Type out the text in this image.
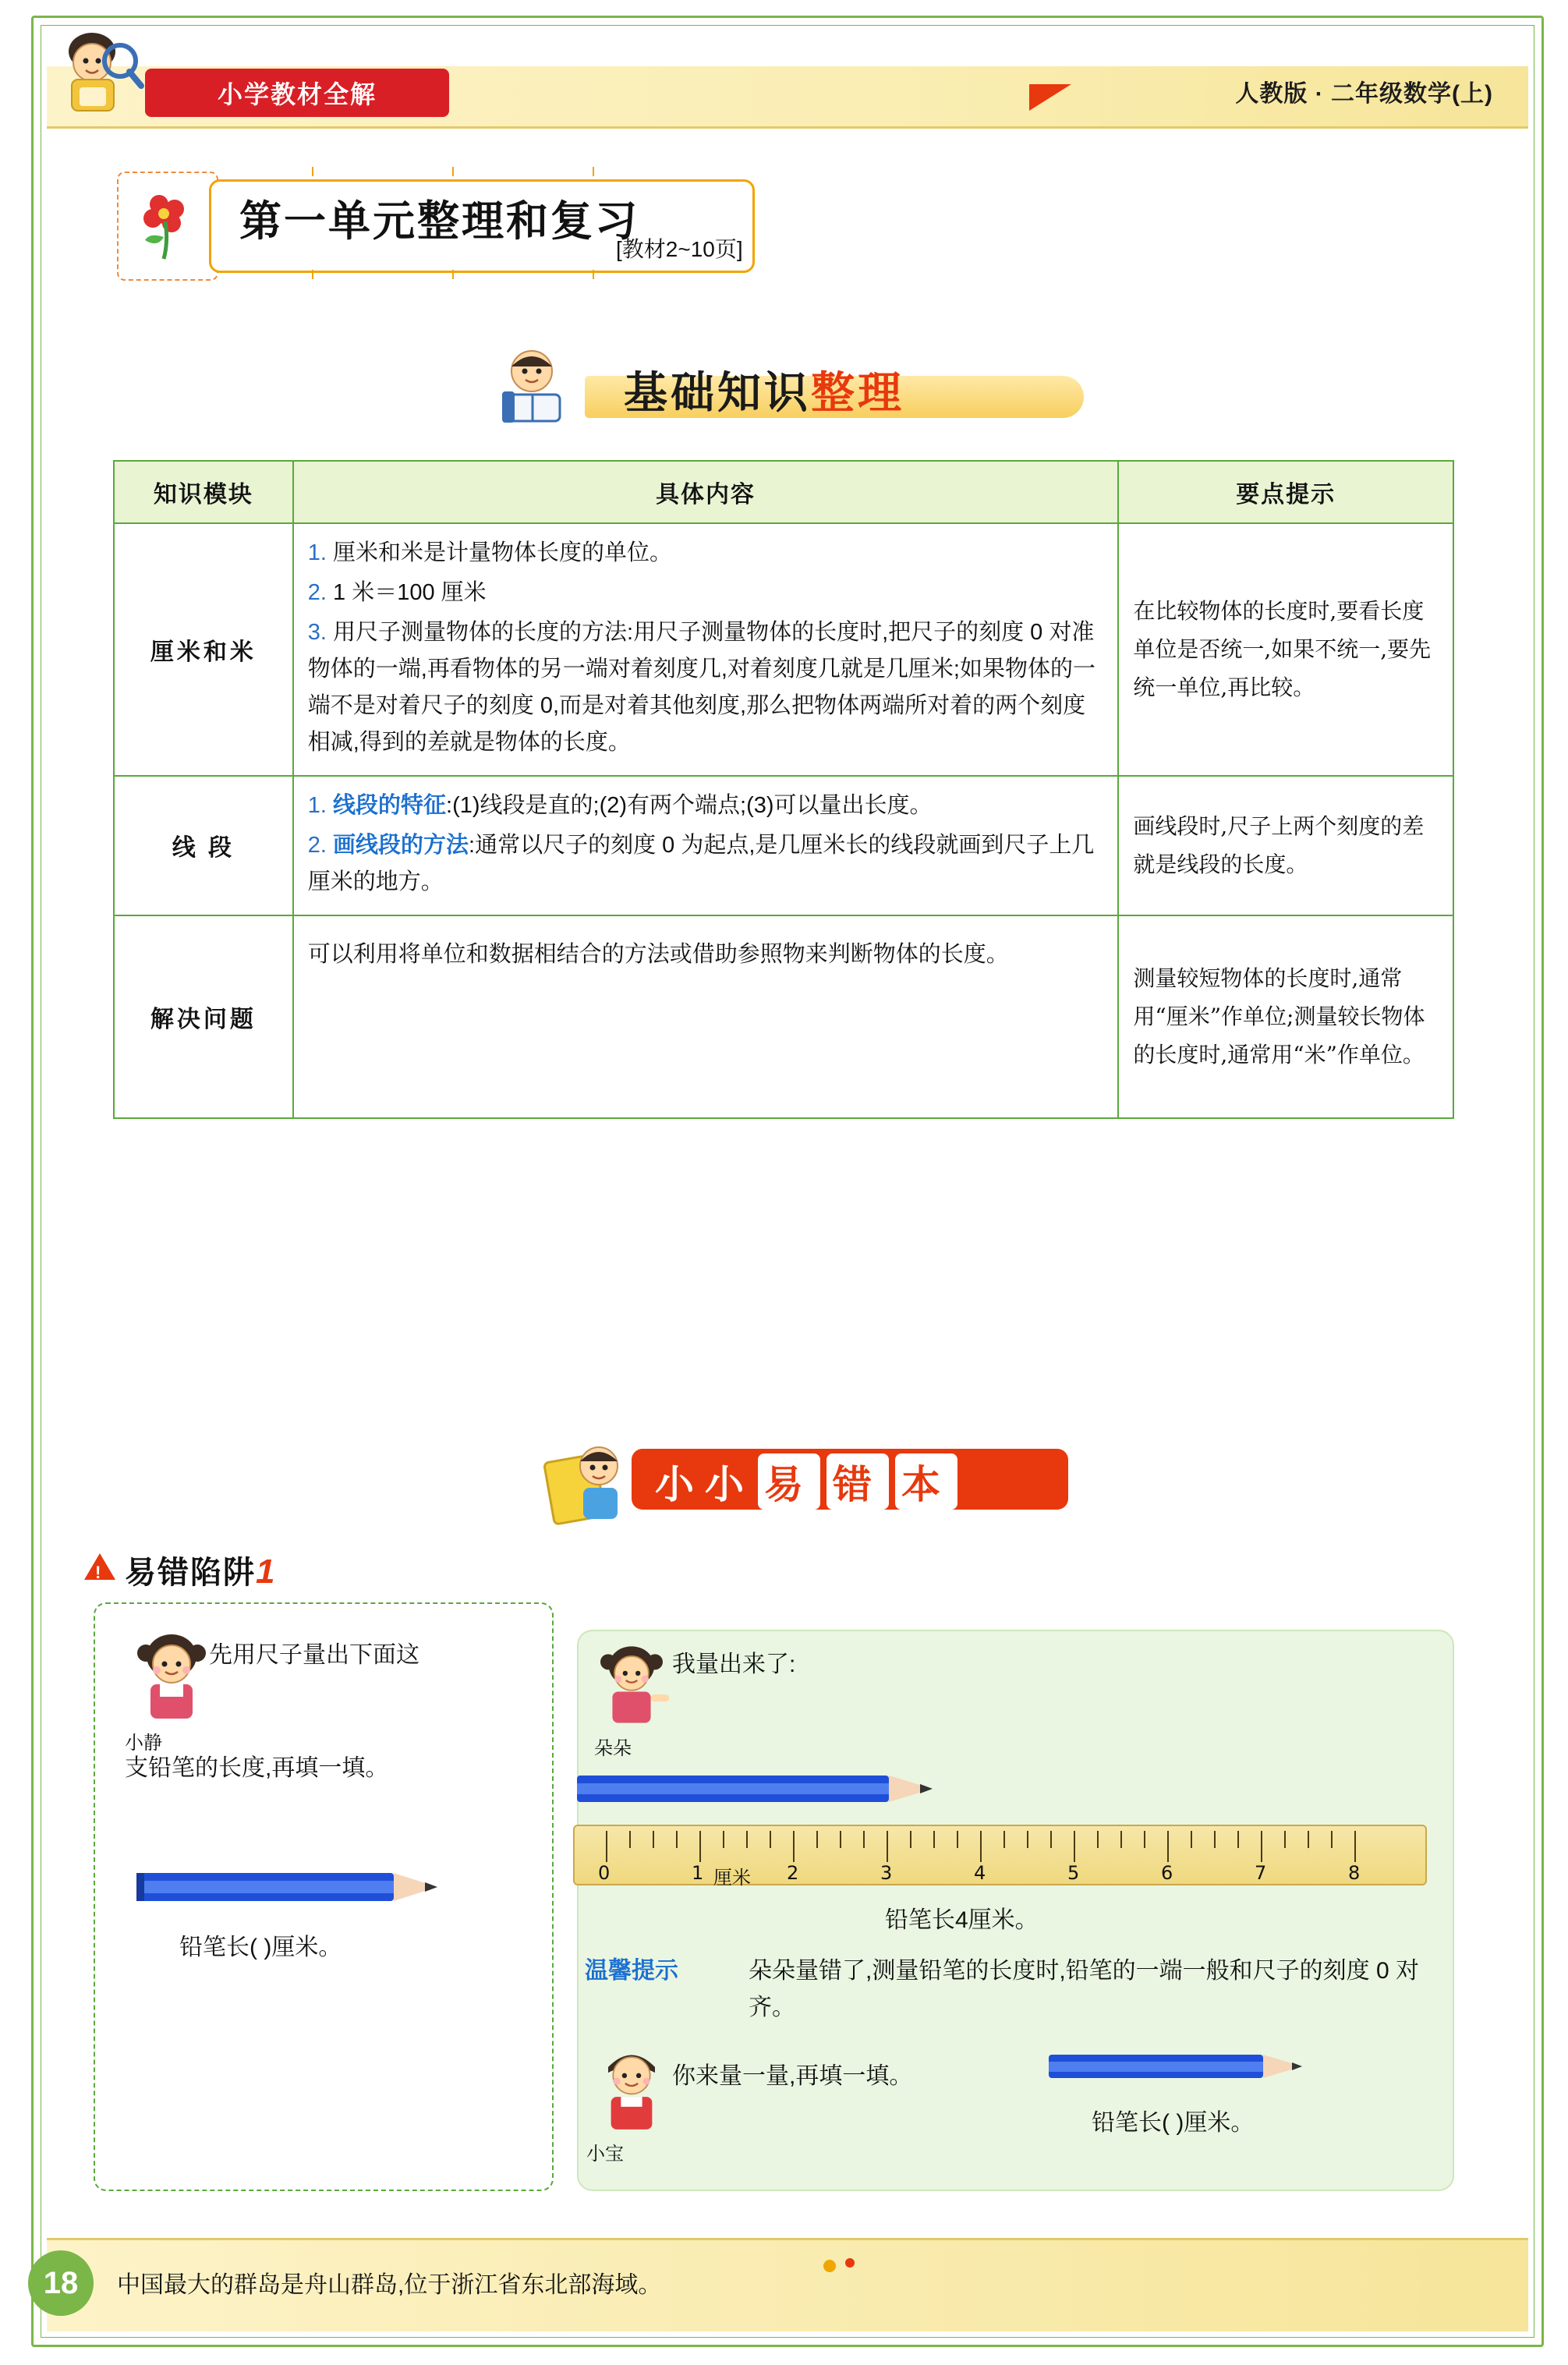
小学教材全解	人教版 · 二年级数学(上)
第一单元整理和复习
[教材2~10页]
基础知识整理
知识模块	具体内容	要点提示
厘米和米	1. 厘米和米是计量物体长度的单位。

2. 1 米＝100 厘米

3. 用尺子测量物体的长度的方法:用尺子测量物体的长度时,把尺子的刻度 0 对准物体的一端,再看物体的另一端对着刻度几,对着刻度几就是几厘米;如果物体的一端不是对着尺子的刻度 0,而是对着其他刻度,那么把物体两端所对着的两个刻度相减,得到的差就是物体的长度。	在比较物体的长度时,要看长度单位是否统一,如果不统一,要先统一单位,再比较。
线 段	1. 线段的特征:(1)线段是直的;(2)有两个端点;(3)可以量出长度。

2. 画线段的方法:通常以尺子的刻度 0 为起点,是几厘米长的线段就画到尺子上几厘米的地方。	画线段时,尺子上两个刻度的差就是线段的长度。
解决问题	可以利用将单位和数据相结合的方法或借助参照物来判断物体的长度。	测量较短物体的长度时,通常用“厘米”作单位;测量较长物体的长度时,通常用“米”作单位。
小小 易 错 本
! 易错陷阱1
小静
先用尺子量出下面这
支铅笔的长度,再填一填。
铅笔长( )厘米。
朵朵
我量出来了:
0	1 厘米 2	3	4	5	6	7	8
铅笔长4厘米。
温馨提示	朵朵量错了,测量铅笔的长度时,铅笔的一端一般和尺子的刻度 0 对齐。
小宝
你来量一量,再填一填。
铅笔长( )厘米。
18	中国最大的群岛是舟山群岛,位于浙江省东北部海域。
